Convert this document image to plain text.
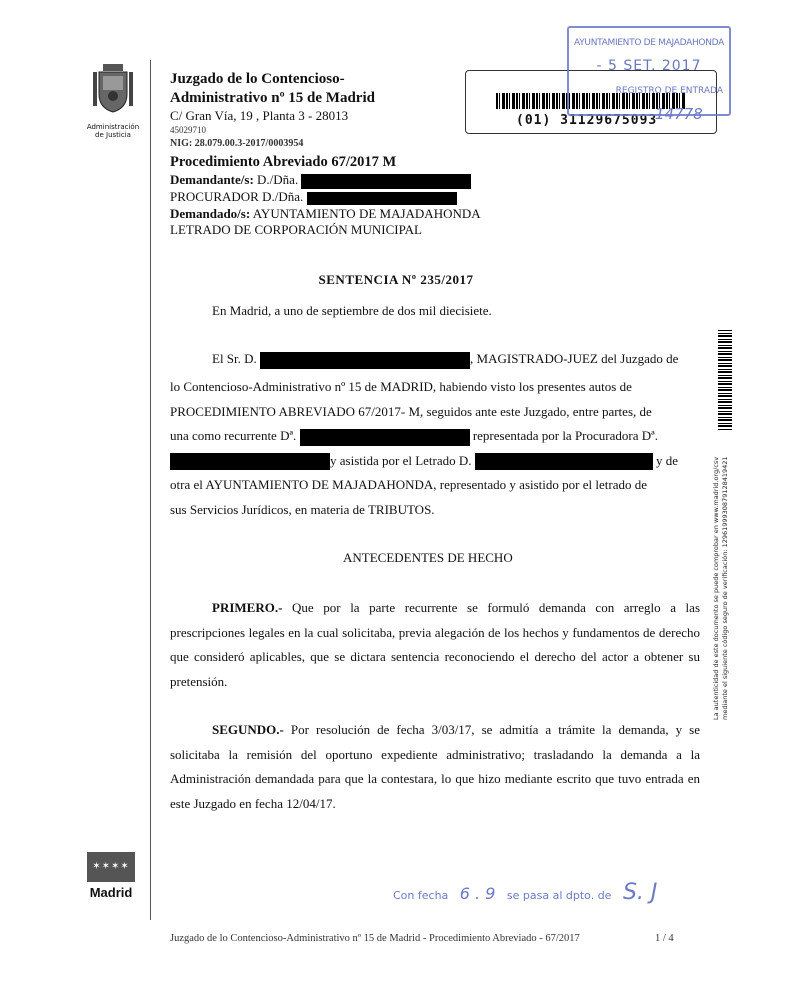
Administración
de Justicia
Juzgado de lo Contencioso-
Administrativo nº 15 de Madrid
C/ Gran Vía, 19 , Planta 3 - 28013
45029710
NIG: 28.079.00.3-2017/0003954
Procedimiento Abreviado 67/2017 M
Demandante/s: D./Dña.
PROCURADOR D./Dña.
Demandado/s: AYUNTAMIENTO DE MAJADAHONDA
LETRADO DE CORPORACIÓN MUNICIPAL
(01) 31129675093
AYUNTAMIENTO DE MAJADAHONDA
- 5 SET. 2017
REGISTRO DE ENTRADA
14778
SENTENCIA Nº 235/2017
En Madrid, a uno de septiembre de dos mil diecisiete.
El Sr. D.	, MAGISTRADO-JUEZ del Juzgado de

lo Contencioso-Administrativo nº 15 de MADRID, habiendo visto los presentes autos de

PROCEDIMIENTO ABREVIADO 67/2017- M, seguidos ante este Juzgado, entre partes, de

una como recurrente Dª.	representada por la Procuradora Dª.

y asistida por el Letrado D.	y de

otra el AYUNTAMIENTO DE MAJADAHONDA, representado y asistido por el letrado de

sus Servicios Jurídicos, en materia de TRIBUTOS.

ANTECEDENTES DE HECHO
PRIMERO.- Que por la parte recurrente se formuló demanda con arreglo a las prescripciones legales en la cual solicitaba, previa alegación de los hechos y fundamentos de derecho que consideró aplicables, que se dictara sentencia reconociendo el derecho del actor a obtener su pretensión.
SEGUNDO.- Por resolución de fecha 3/03/17, se admitía a trámite la demanda, y se solicitaba la remisión del oportuno expediente administrativo; trasladando la demanda a la Administración demandada para que la contestara, lo que hizo mediante escrito que tuvo entrada en este Juzgado en fecha 12/04/17.
La autenticidad de este documento se puede comprobar en www.madrid.org/csv mediante el siguiente código seguro de verificación: 1296199930879128419421
✶✶✶✶
Madrid	Con fecha 6 . 9 se pasa al dpto. de S. J
Juzgado de lo Contencioso-Administrativo nº 15 de Madrid - Procedimiento Abreviado - 67/2017	1 / 4
